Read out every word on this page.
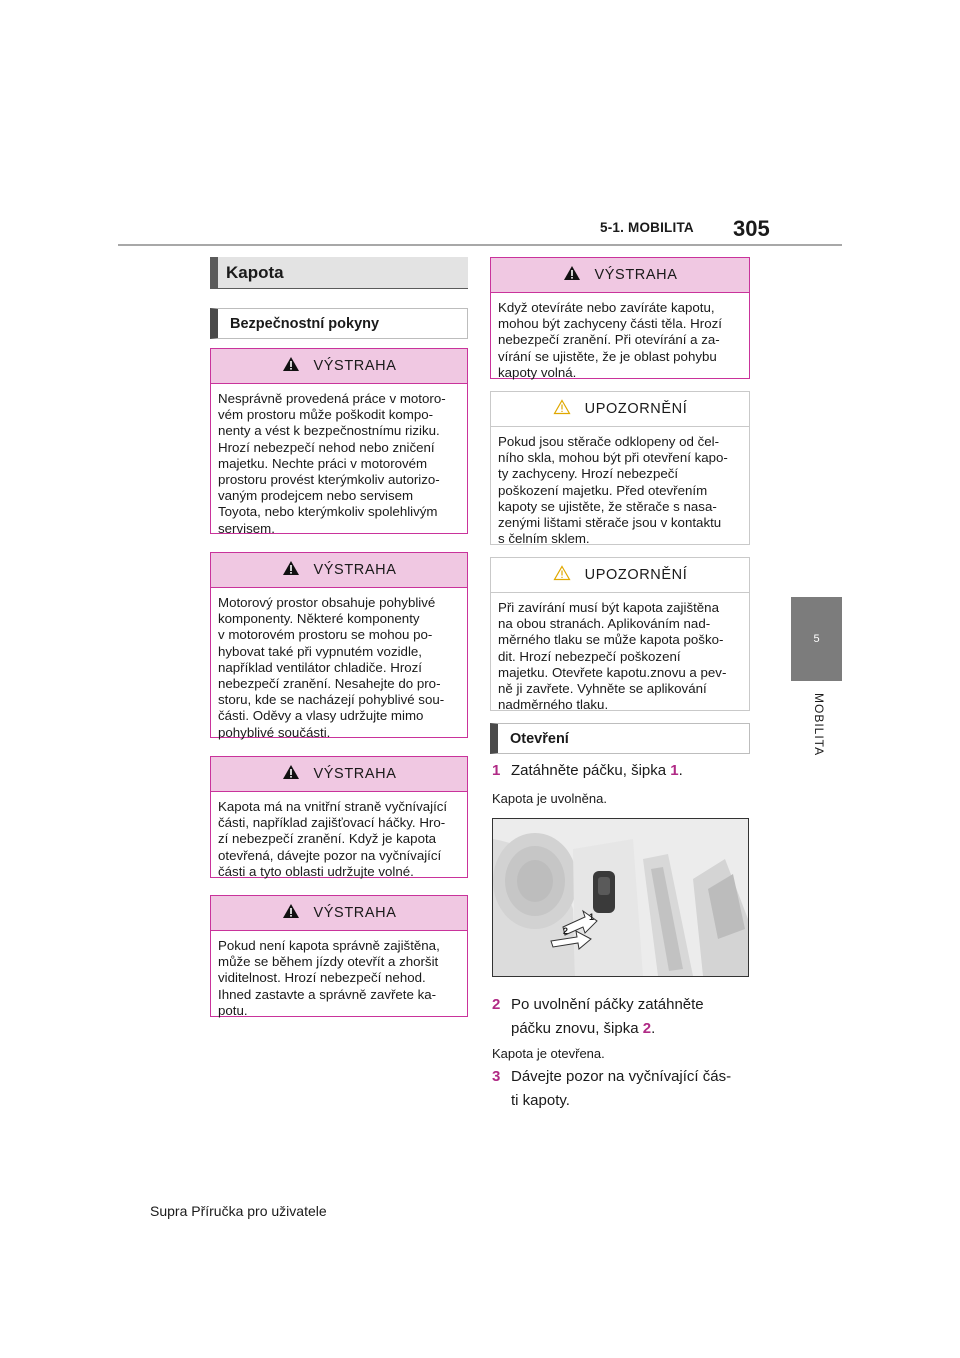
5-1. MOBILITA 305
5
MOBILITA
Kapota
Bezpečnostní pokyny
VÝSTRAHA
Nesprávně provedená práce v motoro-
vém prostoru může poškodit kompo-
nenty a vést k bezpečnostnímu riziku.
Hrozí nebezpečí nehod nebo zničení
majetku. Nechte práci v motorovém
prostoru provést kterýmkoliv autorizo-
vaným prodejcem nebo servisem
Toyota, nebo kterýmkoliv spolehlivým
servisem.
VÝSTRAHA
Motorový prostor obsahuje pohyblivé
komponenty. Některé komponenty
v motorovém prostoru se mohou po-
hybovat také při vypnutém vozidle,
například ventilátor chladiče. Hrozí
nebezpečí zranění. Nesahejte do pro-
storu, kde se nacházejí pohyblivé sou-
části. Oděvy a vlasy udržujte mimo
pohyblivé součásti.
VÝSTRAHA
Kapota má na vnitřní straně vyčnívající
části, například zajišťovací háčky. Hro-
zí nebezpečí zranění. Když je kapota
otevřená, dávejte pozor na vyčnívající
části a tyto oblasti udržujte volné.
VÝSTRAHA
Pokud není kapota správně zajištěna,
může se během jízdy otevřít a zhoršit
viditelnost. Hrozí nebezpečí nehod.
Ihned zastavte a správně zavřete ka-
potu.
VÝSTRAHA
Když otevíráte nebo zavíráte kapotu,
mohou být zachyceny části těla. Hrozí
nebezpečí zranění. Při otevírání a za-
vírání se ujistěte, že je oblast pohybu
kapoty volná.
UPOZORNĚNÍ
Pokud jsou stěrače odklopeny od čel-
ního skla, mohou být při otevření kapo-
ty zachyceny. Hrozí nebezpečí
poškození majetku. Před otevřením
kapoty se ujistěte, že stěrače s nasa-
zenými lištami stěrače jsou v kontaktu
s čelním sklem.
UPOZORNĚNÍ
Při zavírání musí být kapota zajištěna
na obou stranách. Aplikováním nad-
měrného tlaku se může kapota poško-
dit. Hrozí nebezpečí poškození
majetku. Otevřete kapotu.znovu a pev-
ně ji zavřete. Vyhněte se aplikování
nadměrného tlaku.
Otevření
1 Zatáhněte páčku, šipka 1.
Kapota je uvolněna.
1
2
2 Po uvolnění páčky zatáhněte
páčku znovu, šipka 2.
Kapota je otevřena.
3 Dávejte pozor na vyčnívající čás-
ti kapoty.
Supra Příručka pro uživatele
